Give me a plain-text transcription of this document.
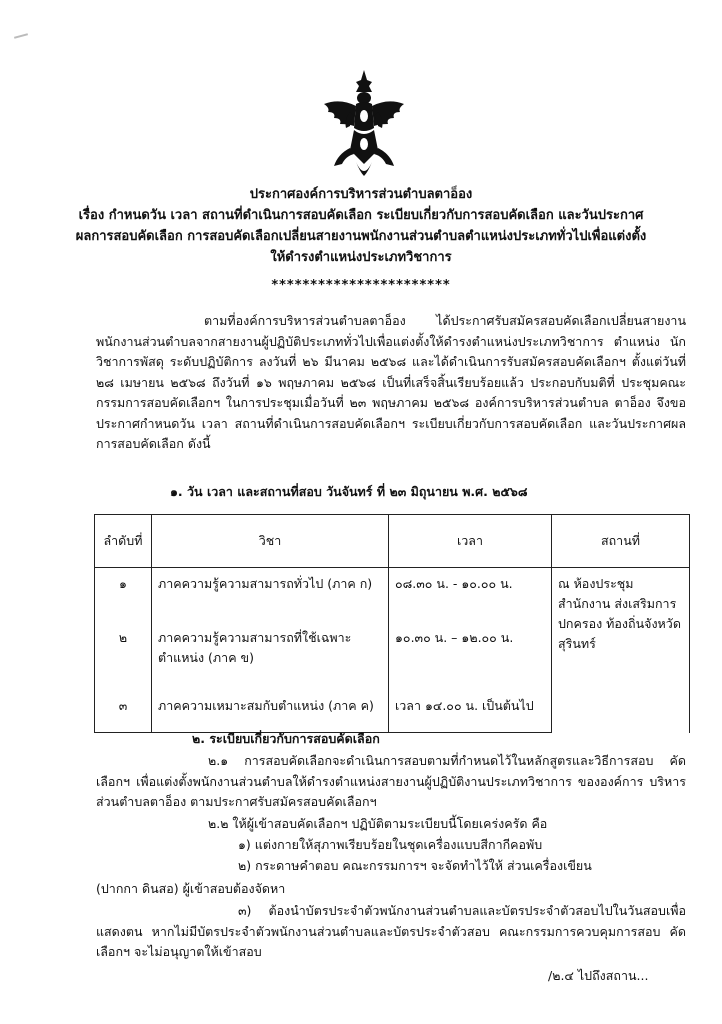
ประกาศองค์การบริหารส่วนตำบลตาอ็อง
เรื่อง กำหนดวัน เวลา สถานที่ดำเนินการสอบคัดเลือก ระเบียบเกี่ยวกับการสอบคัดเลือก และวันประกาศ
ผลการสอบคัดเลือก การสอบคัดเลือกเปลี่ยนสายงานพนักงานส่วนตำบลตำแหน่งประเภททั่วไปเพื่อแต่งตั้ง
ให้ดำรงตำแหน่งประเภทวิชาการ
***********************
ตามที่องค์การบริหารส่วนตำบลตาอ็อง ได้ประกาศรับสมัครสอบคัดเลือกเปลี่ยนสายงาน พนักงานส่วนตำบลจากสายงานผู้ปฏิบัติประเภททั่วไปเพื่อแต่งตั้งให้ดำรงตำแหน่งประเภทวิชาการ ตำแหน่ง นักวิชาการพัสดุ ระดับปฏิบัติการ ลงวันที่ ๒๖ มีนาคม ๒๕๖๘ และได้ดำเนินการรับสมัครสอบคัดเลือกฯ ตั้งแต่วันที่ ๒๘ เมษายน ๒๕๖๘ ถึงวันที่ ๑๖ พฤษภาคม ๒๕๖๘ เป็นที่เสร็จสิ้นเรียบร้อยแล้ว ประกอบกับมติที่ ประชุมคณะกรรมการสอบคัดเลือกฯ ในการประชุมเมื่อวันที่ ๒๓ พฤษภาคม ๒๕๖๘ องค์การบริหารส่วนตำบล ตาอ็อง จึงขอประกาศกำหนดวัน เวลา สถานที่ดำเนินการสอบคัดเลือกฯ ระเบียบเกี่ยวกับการสอบคัดเลือก และวันประกาศผลการสอบคัดเลือก ดังนี้
๑. วัน เวลา และสถานที่สอบ วันจันทร์ ที่ ๒๓ มิถุนายน พ.ศ. ๒๕๖๘
ลำดับที่	วิชา	เวลา	สถานที่
๑	ภาคความรู้ความสามารถทั่วไป (ภาค ก)	๐๘.๓๐ น. - ๑๐.๐๐ น.	ณ ห้องประชุมสำนักงาน ส่งเสริมการปกครอง ท้องถิ่นจังหวัดสุรินทร์
๒	ภาคความรู้ความสามารถที่ใช้เฉพาะ ตำแหน่ง (ภาค ข)	๑๐.๓๐ น. – ๑๒.๐๐ น.	
๓	ภาคความเหมาะสมกับตำแหน่ง (ภาค ค)	เวลา ๑๔.๐๐ น. เป็นต้นไป	
๒. ระเบียบเกี่ยวกับการสอบคัดเลือก
๒.๑ การสอบคัดเลือกจะดำเนินการสอบตามที่กำหนดไว้ในหลักสูตรและวิธีการสอบ คัดเลือกฯ เพื่อแต่งตั้งพนักงานส่วนตำบลให้ดำรงตำแหน่งสายงานผู้ปฏิบัติงานประเภทวิชาการ ขององค์การ บริหารส่วนตำบลตาอ็อง ตามประกาศรับสมัครสอบคัดเลือกฯ
๒.๒ ให้ผู้เข้าสอบคัดเลือกฯ ปฏิบัติตามระเบียบนี้โดยเคร่งครัด คือ
๑) แต่งกายให้สุภาพเรียบร้อยในชุดเครื่องแบบสีกากีคอพับ
๒) กระดาษคำตอบ คณะกรรมการฯ จะจัดทำไว้ให้ ส่วนเครื่องเขียน
(ปากกา ดินสอ) ผู้เข้าสอบต้องจัดหา
๓) ต้องนำบัตรประจำตัวพนักงานส่วนตำบลและบัตรประจำตัวสอบไปในวันสอบเพื่อ แสดงตน หากไม่มีบัตรประจำตัวพนักงานส่วนตำบลและบัตรประจำตัวสอบ คณะกรรมการควบคุมการสอบ คัดเลือกฯ จะไม่อนุญาตให้เข้าสอบ
/๒.๔ ไปถึงสถาน...
